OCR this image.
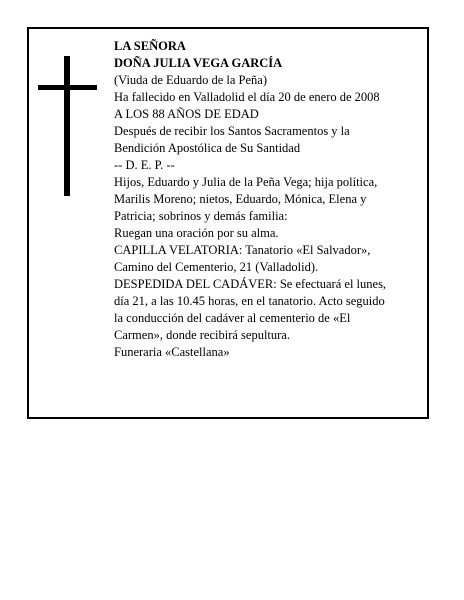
LA SEÑORA
DOÑA JULIA VEGA GARCÍA
(Viuda de Eduardo de la Peña)
Ha fallecido en Valladolid el día 20 de enero de 2008
A LOS 88 AÑOS DE EDAD
Después de recibir los Santos Sacramentos y la
Bendición Apostólica de Su Santidad
-- D. E. P. --
Hijos, Eduardo y Julia de la Peña Vega; hija política,
Marilis Moreno; nietos, Eduardo, Mónica, Elena y
Patricia; sobrinos y demás familia:
Ruegan una oración por su alma.
CAPILLA VELATORIA: Tanatorio «El Salvador»,
Camino del Cementerio, 21 (Valladolid).
DESPEDIDA DEL CADÁVER: Se efectuará el lunes,
día 21, a las 10.45 horas, en el tanatorio. Acto seguido
la conducción del cadáver al cementerio de «El
Carmen», donde recibirá sepultura.
Funeraria «Castellana»
